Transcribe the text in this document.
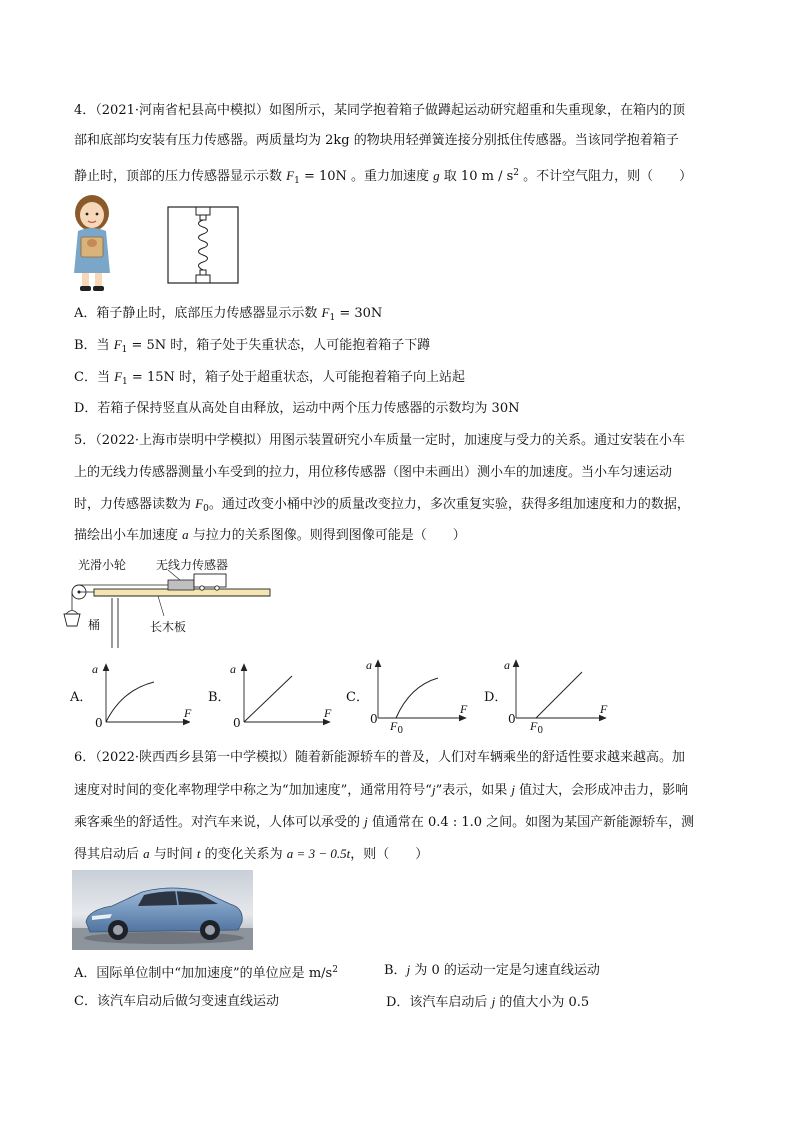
4．（2021·河南省杞县高中模拟）如图所示，某同学抱着箱子做蹲起运动研究超重和失重现象，在箱内的顶
部和底部均安装有压力传感器。两质量均为 2kg 的物块用轻弹簧连接分别抵住传感器。当该同学抱着箱子
静止时，顶部的压力传感器显示示数 $F_1 = 10N$ 。重力加速度 g 取 10 m / $s^2$ 。不计空气阻力，则（　　）
A．箱子静止时，底部压力传感器显示示数 $F_1 = 30N$
B．当 $F_1 = 5N$ 时，箱子处于失重状态，人可能抱着箱子下蹲
C．当 $F_1 = 15N$ 时，箱子处于超重状态，人可能抱着箱子向上站起
D．若箱子保持竖直从高处自由释放，运动中两个压力传感器的示数均为 30N
5．（2022·上海市崇明中学模拟）用图示装置研究小车质量一定时，加速度与受力的关系。通过安装在小车
上的无线力传感器测量小车受到的拉力，用位移传感器（图中未画出）测小车的加速度。当小车匀速运动
时，力传感器读数为 $F_0$。通过改变小桶中沙的质量改变拉力，多次重复实验，获得多组加速度和力的数据，
描绘出小车加速度 a 与拉力的关系图像。则得到图像可能是（　　）
光滑小轮 无线力传感器
桶	长木板
A．
a
F
0
B．
a
F
0
C．
a
F
0 $F_0$
D．
a
F
0 $F_0$
6．（2022·陕西西乡县第一中学模拟）随着新能源轿车的普及，人们对车辆乘坐的舒适性要求越来越高。加
速度对时间的变化率物理学中称之为“加加速度”，通常用符号“j”表示，如果 j 值过大，会形成冲击力，影响
乘客乘坐的舒适性。对汽车来说，人体可以承受的 j 值通常在 0.4 : 1.0 之间。如图为某国产新能源轿车，测
得其启动后 a 与时间 t 的变化关系为 a = 3 − 0.5t，则（　　）
A．国际单位制中“加加速度”的单位应是 $m/s^2$	B．j 为 0 的运动一定是匀速直线运动
C．该汽车启动后做匀变速直线运动	D．该汽车启动后 j 的值大小为 0.5
